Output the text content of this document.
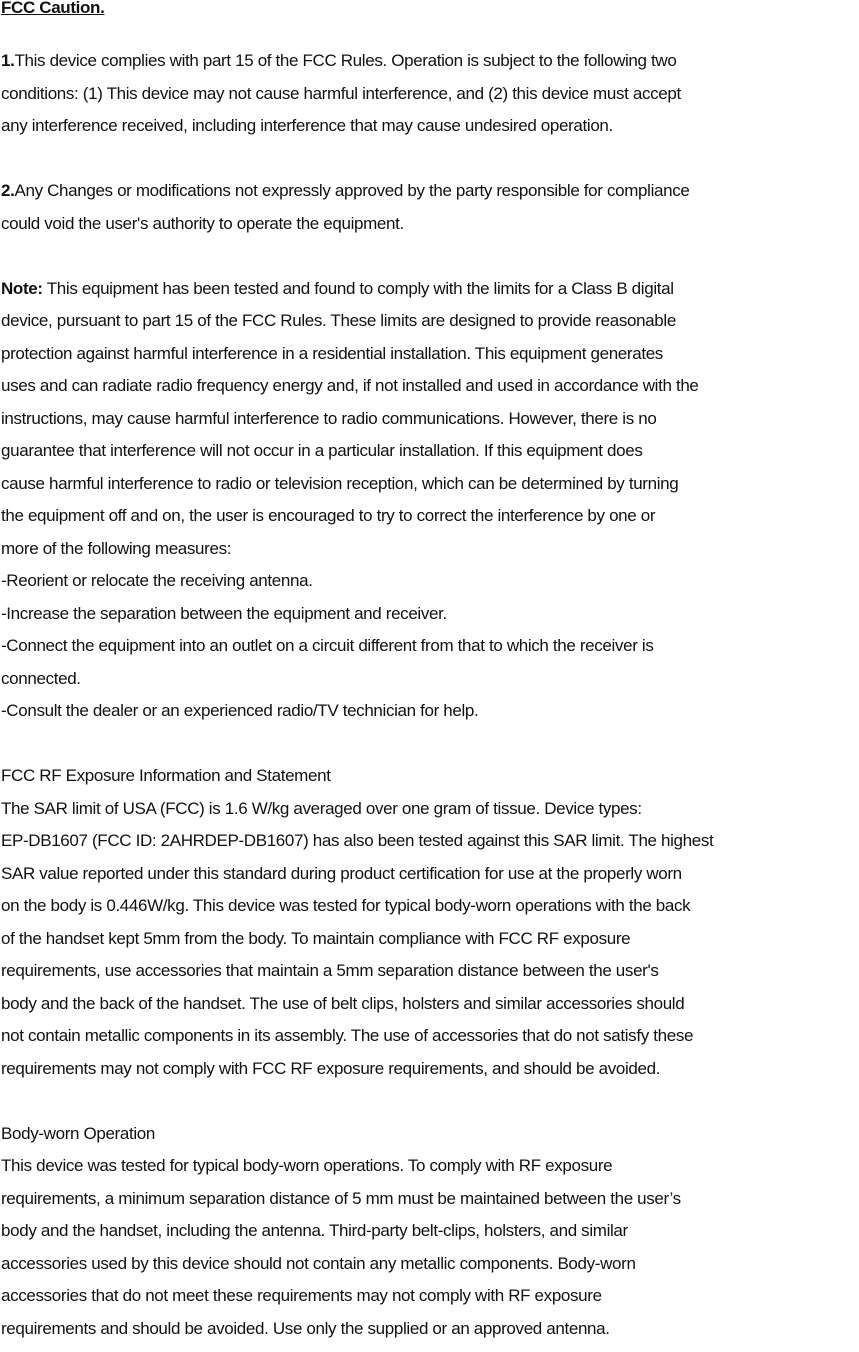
FCC Caution.
1.This device complies with part 15 of the FCC Rules. Operation is subject to the following two
conditions: (1) This device may not cause harmful interference, and (2) this device must accept
any interference received, including interference that may cause undesired operation.
2.Any Changes or modifications not expressly approved by the party responsible for compliance
could void the user's authority to operate the equipment.
Note: This equipment has been tested and found to comply with the limits for a Class B digital
device, pursuant to part 15 of the FCC Rules. These limits are designed to provide reasonable
protection against harmful interference in a residential installation. This equipment generates
uses and can radiate radio frequency energy and, if not installed and used in accordance with the
instructions, may cause harmful interference to radio communications. However, there is no
guarantee that interference will not occur in a particular installation. If this equipment does
cause harmful interference to radio or television reception, which can be determined by turning
the equipment off and on, the user is encouraged to try to correct the interference by one or
more of the following measures:
-Reorient or relocate the receiving antenna.
-Increase the separation between the equipment and receiver.
-Connect the equipment into an outlet on a circuit different from that to which the receiver is
connected.
-Consult the dealer or an experienced radio/TV technician for help.
FCC RF Exposure Information and Statement
The SAR limit of USA (FCC) is 1.6 W/kg averaged over one gram of tissue. Device types:
EP-DB1607 (FCC ID: 2AHRDEP-DB1607) has also been tested against this SAR limit. The highest
SAR value reported under this standard during product certification for use at the properly worn
on the body is 0.446W/kg. This device was tested for typical body-worn operations with the back
of the handset kept 5mm from the body. To maintain compliance with FCC RF exposure
requirements, use accessories that maintain a 5mm separation distance between the user's
body and the back of the handset. The use of belt clips, holsters and similar accessories should
not contain metallic components in its assembly. The use of accessories that do not satisfy these
requirements may not comply with FCC RF exposure requirements, and should be avoided.
Body-worn Operation
This device was tested for typical body-worn operations. To comply with RF exposure
requirements, a minimum separation distance of 5 mm must be maintained between the user’s
body and the handset, including the antenna. Third-party belt-clips, holsters, and similar
accessories used by this device should not contain any metallic components. Body-worn
accessories that do not meet these requirements may not comply with RF exposure
requirements and should be avoided. Use only the supplied or an approved antenna.
